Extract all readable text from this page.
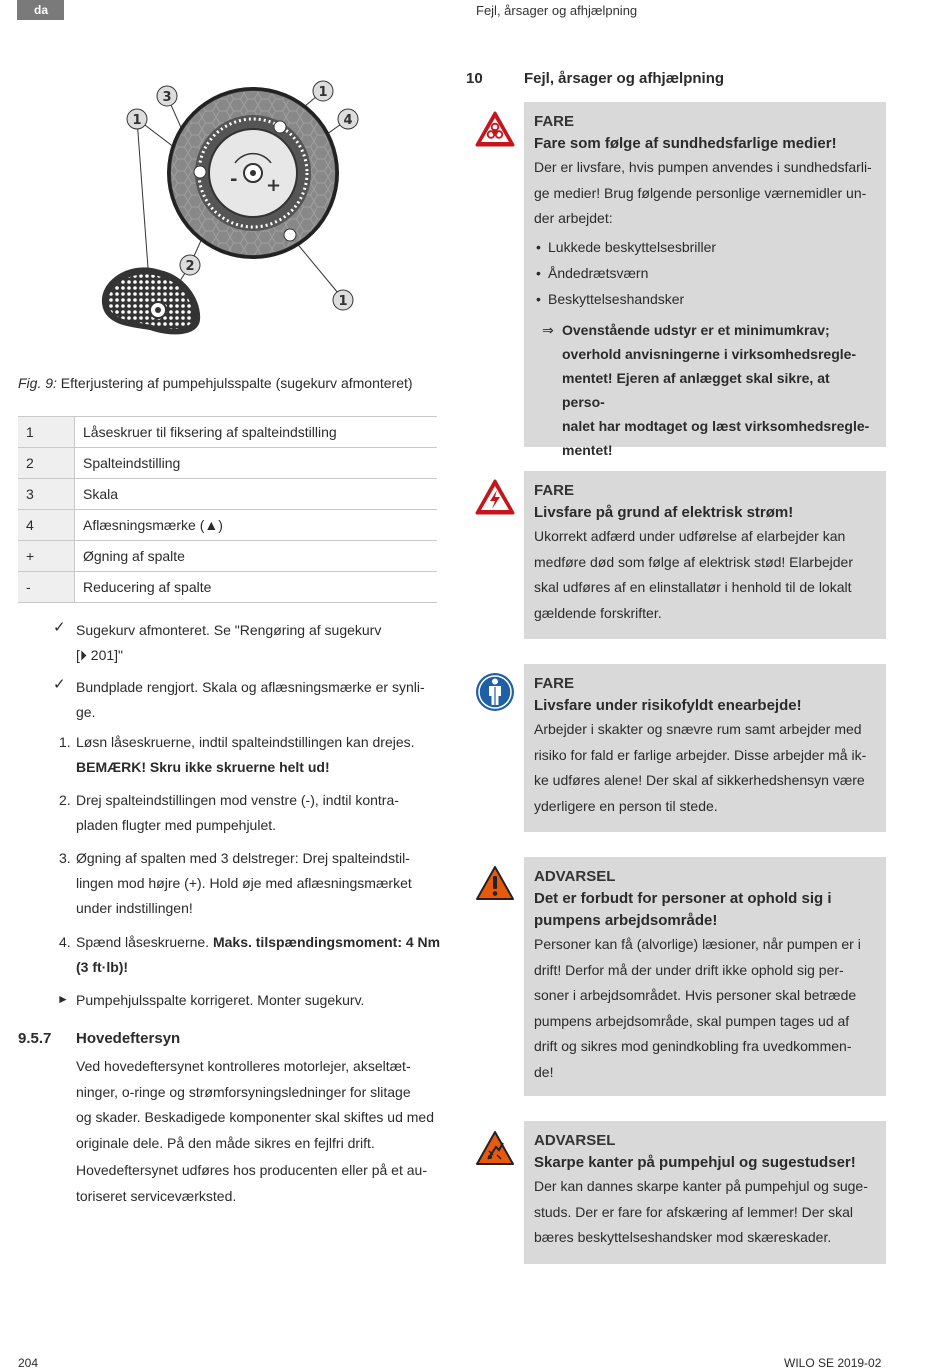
da	Fejl, årsager og afhjælpning
- +
1
3	1
4
2
1
Fig. 9: Efterjustering af pumpehjulsspalte (sugekurv afmonteret)
1	Låseskruer til fiksering af spalteindstilling
2	Spalteindstilling
3	Skala
4	Aflæsningsmærke (▲)
+	Øgning af spalte
-	Reducering af spalte
✓ Sugekurv afmonteret. Se "Rengøring af sugekurv
[⏵ 201]"
✓ Bundplade rengjort. Skala og aflæsningsmærke er synli-
ge.
1. Løsn låseskruerne, indtil spalteindstillingen kan drejes.
BEMÆRK! Skru ikke skruerne helt ud!
2. Drej spalteindstillingen mod venstre (-), indtil kontra-
pladen flugter med pumpehjulet.
3. Øgning af spalten med 3 delstreger: Drej spalteindstil-
lingen mod højre (+). Hold øje med aflæsningsmærket
under indstillingen!
4. Spænd låseskruerne. Maks. tilspændingsmoment: 4 Nm
(3 ft·lb)!
► Pumpehjulsspalte korrigeret. Monter sugekurv.
9.5.7 Hovedeftersyn
Ved hovedeftersynet kontrolleres motorlejer, akseltæt-
ninger, o-ringe og strømforsyningsledninger for slitage
og skader. Beskadigede komponenter skal skiftes ud med
originale dele. På den måde sikres en fejlfri drift.
Hovedeftersynet udføres hos producenten eller på et au-
toriseret serviceværksted.
10	Fejl, årsager og afhjælpning
FARE
Fare som følge af sundhedsfarlige medier!
Der er livsfare, hvis pumpen anvendes i sundhedsfarli-
ge medier! Brug følgende personlige værnemidler un-
der arbejdet:
• Lukkede beskyttelsesbriller
• Åndedrætsværn
• Beskyttelseshandsker
⇒ Ovenstående udstyr er et minimumkrav;
overhold anvisningerne i virksomhedsregle-
mentet! Ejeren af anlægget skal sikre, at perso-
nalet har modtaget og læst virksomhedsregle-
mentet!
FARE
Livsfare på grund af elektrisk strøm!
Ukorrekt adfærd under udførelse af elarbejder kan
medføre død som følge af elektrisk stød! Elarbejder
skal udføres af en elinstallatør i henhold til de lokalt
gældende forskrifter.
FARE
Livsfare under risikofyldt enearbejde!
Arbejder i skakter og snævre rum samt arbejder med
risiko for fald er farlige arbejder. Disse arbejder må ik-
ke udføres alene! Der skal af sikkerhedshensyn være
yderligere en person til stede.
ADVARSEL
Det er forbudt for personer at ophold sig i
pumpens arbejdsområde!
Personer kan få (alvorlige) læsioner, når pumpen er i
drift! Derfor må der under drift ikke ophold sig per-
soner i arbejdsområdet. Hvis personer skal betræde
pumpens arbejdsområde, skal pumpen tages ud af
drift og sikres mod genindkobling fra uvedkommen-
de!
ADVARSEL
Skarpe kanter på pumpehjul og sugestudser!
Der kan dannes skarpe kanter på pumpehjul og suge-
studs. Der er fare for afskæring af lemmer! Der skal
bæres beskyttelseshandsker mod skæreskader.
204	WILO SE 2019-02
